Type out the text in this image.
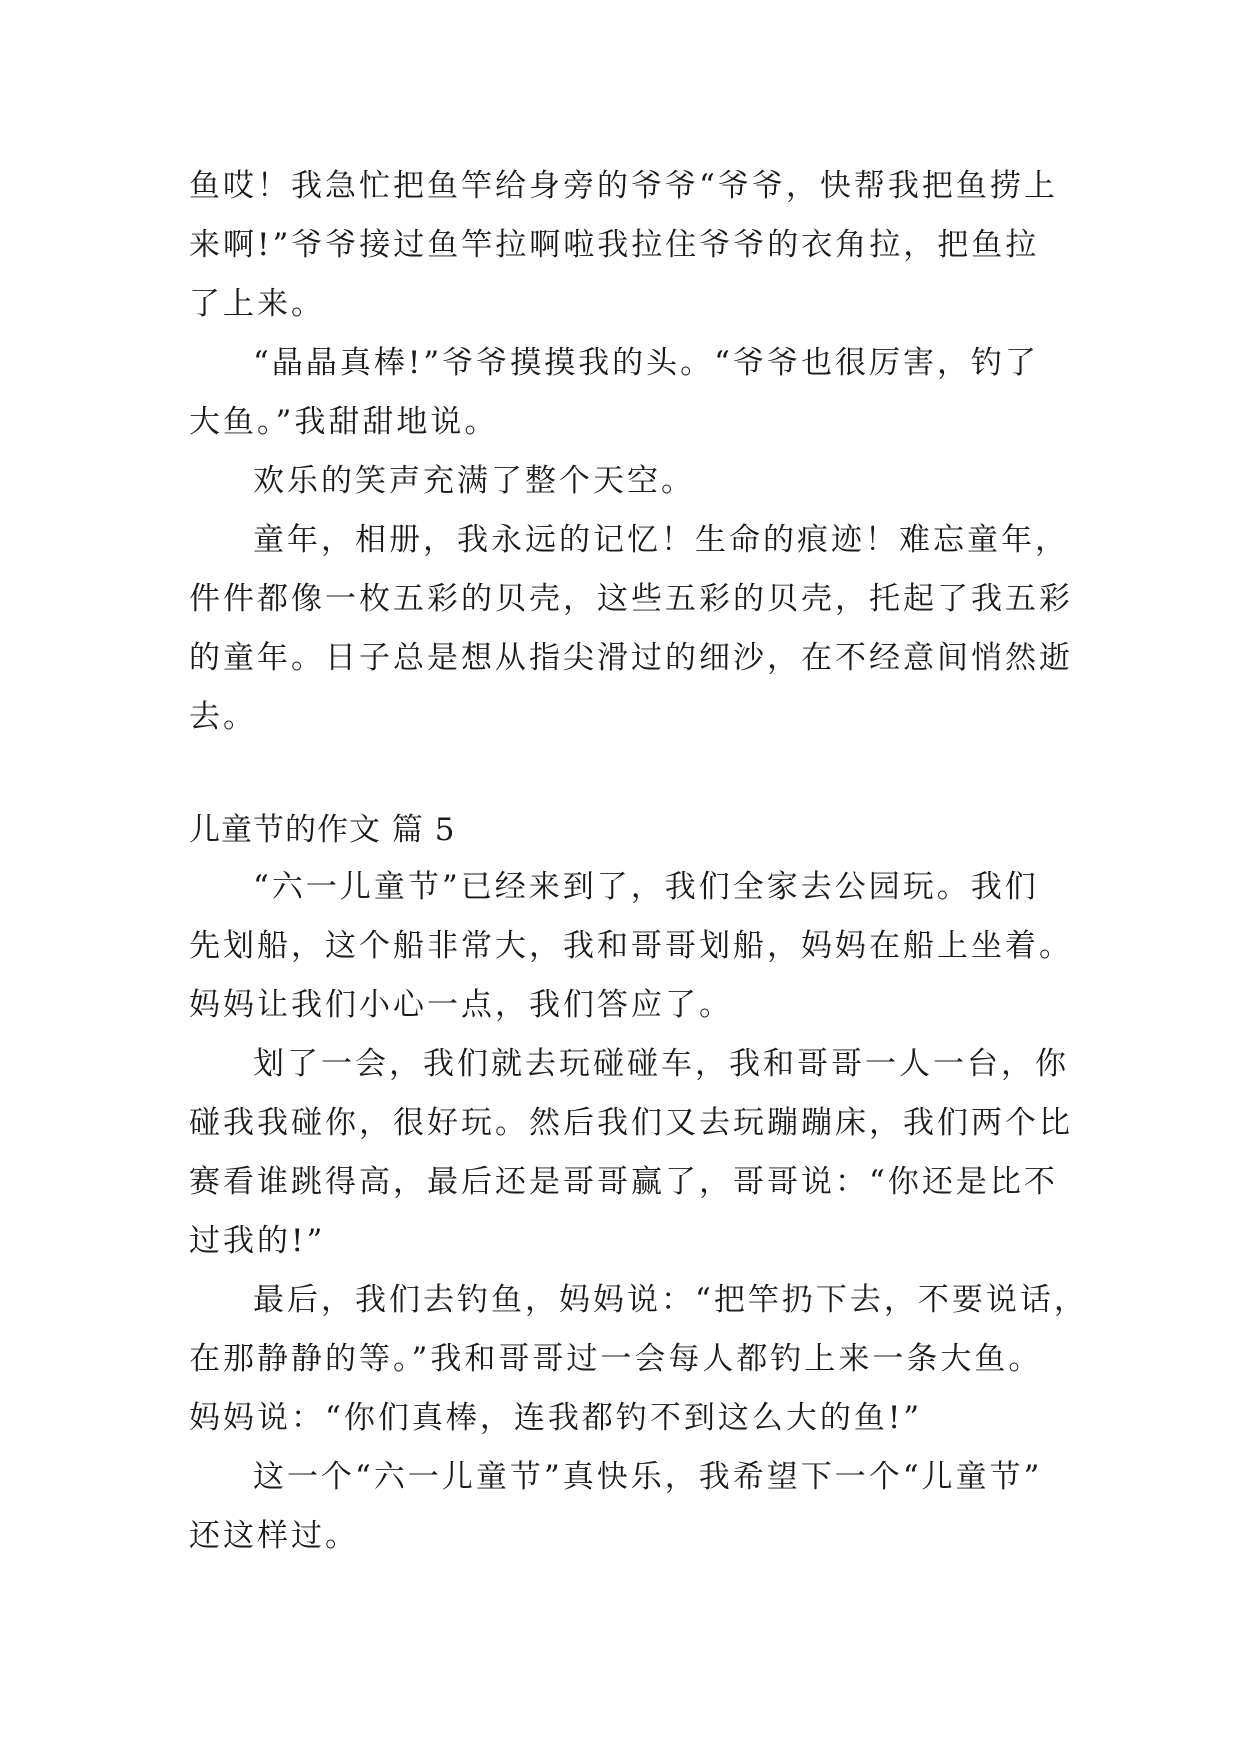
鱼哎！我急忙把鱼竿给身旁的爷爷“爷爷，快帮我把鱼捞上
来啊!”爷爷接过鱼竿拉啊啦我拉住爷爷的衣角拉，把鱼拉
了上来。
“晶晶真棒!”爷爷摸摸我的头。“爷爷也很厉害，钓了
大鱼。”我甜甜地说。
欢乐的笑声充满了整个天空。
童年，相册，我永远的记忆！生命的痕迹！难忘童年，
件件都像一枚五彩的贝壳，这些五彩的贝壳，托起了我五彩
的童年。日子总是想从指尖滑过的细沙，在不经意间悄然逝
去。
儿童节的作文 篇 5
“六一儿童节”已经来到了，我们全家去公园玩。我们
先划船，这个船非常大，我和哥哥划船，妈妈在船上坐着。
妈妈让我们小心一点，我们答应了。
划了一会，我们就去玩碰碰车，我和哥哥一人一台，你
碰我我碰你，很好玩。然后我们又去玩蹦蹦床，我们两个比
赛看谁跳得高，最后还是哥哥赢了，哥哥说：“你还是比不
过我的!”
最后，我们去钓鱼，妈妈说：“把竿扔下去，不要说话，
在那静静的等。”我和哥哥过一会每人都钓上来一条大鱼。
妈妈说：“你们真棒，连我都钓不到这么大的鱼!”
这一个“六一儿童节”真快乐，我希望下一个“儿童节”
还这样过。
